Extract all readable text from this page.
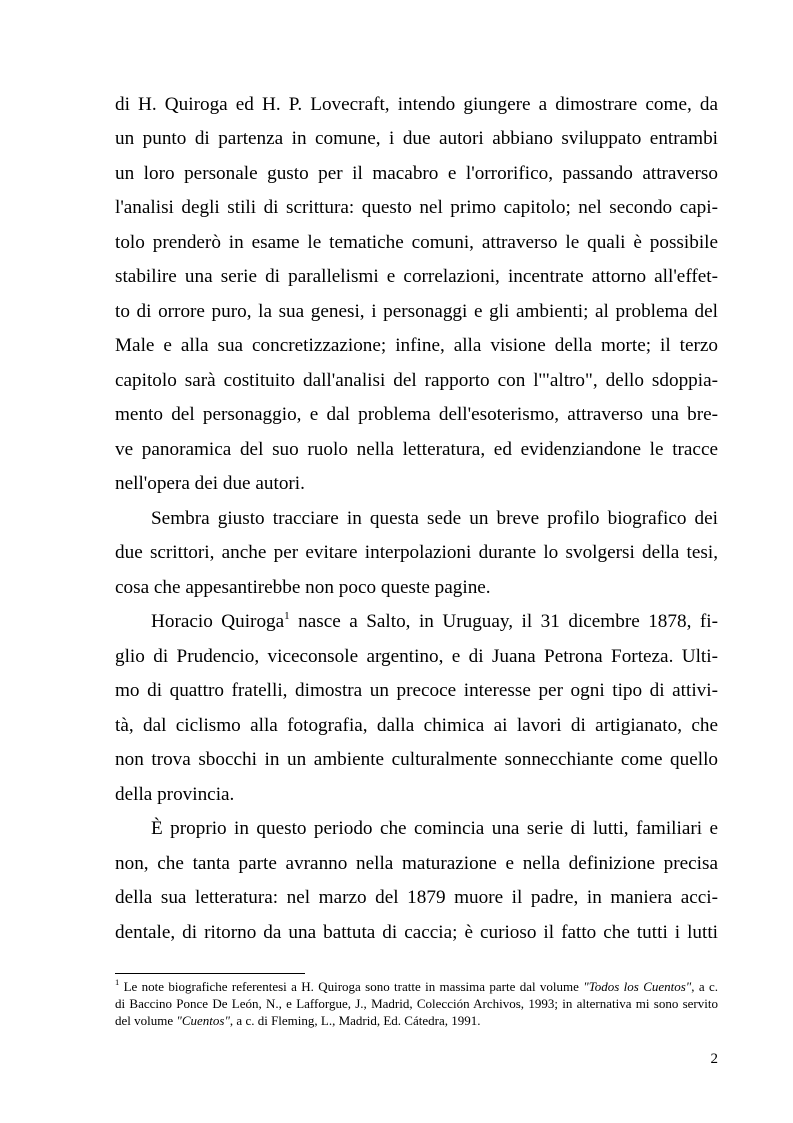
di H. Quiroga ed H. P. Lovecraft, intendo giungere a dimostrare come, da
un punto di partenza in comune, i due autori abbiano sviluppato entrambi
un loro personale gusto per il macabro e l'orrorifico, passando attraverso
l'analisi degli stili di scrittura: questo nel primo capitolo; nel secondo capi-
tolo prenderò in esame le tematiche comuni, attraverso le quali è possibile
stabilire una serie di parallelismi e correlazioni, incentrate attorno all'effet-
to di orrore puro, la sua genesi, i personaggi e gli ambienti; al problema del
Male e alla sua concretizzazione; infine, alla visione della morte; il terzo
capitolo sarà costituito dall'analisi del rapporto con l'"altro", dello sdoppia-
mento del personaggio, e dal problema dell'esoterismo, attraverso una bre-
ve panoramica del suo ruolo nella letteratura, ed evidenziandone le tracce
nell'opera dei due autori.
Sembra giusto tracciare in questa sede un breve profilo biografico dei
due scrittori, anche per evitare interpolazioni durante lo svolgersi della tesi,
cosa che appesantirebbe non poco queste pagine.
Horacio Quiroga$^1$ nasce a Salto, in Uruguay, il 31 dicembre 1878, fi-
glio di Prudencio, viceconsole argentino, e di Juana Petrona Forteza. Ulti-
mo di quattro fratelli, dimostra un precoce interesse per ogni tipo di attivi-
tà, dal ciclismo alla fotografia, dalla chimica ai lavori di artigianato, che
non trova sbocchi in un ambiente culturalmente sonnecchiante come quello
della provincia.
È proprio in questo periodo che comincia una serie di lutti, familiari e
non, che tanta parte avranno nella maturazione e nella definizione precisa
della sua letteratura: nel marzo del 1879 muore il padre, in maniera acci-
dentale, di ritorno da una battuta di caccia; è curioso il fatto che tutti i lutti
$^1$ Le note biografiche referentesi a H. Quiroga sono tratte in massima parte dal volume "Todos los Cuentos", a c.
di Baccino Ponce De León, N., e Lafforgue, J., Madrid, Colección Archivos, 1993; in alternativa mi sono servito
del volume "Cuentos", a c. di Fleming, L., Madrid, Ed. Cátedra, 1991.
2
